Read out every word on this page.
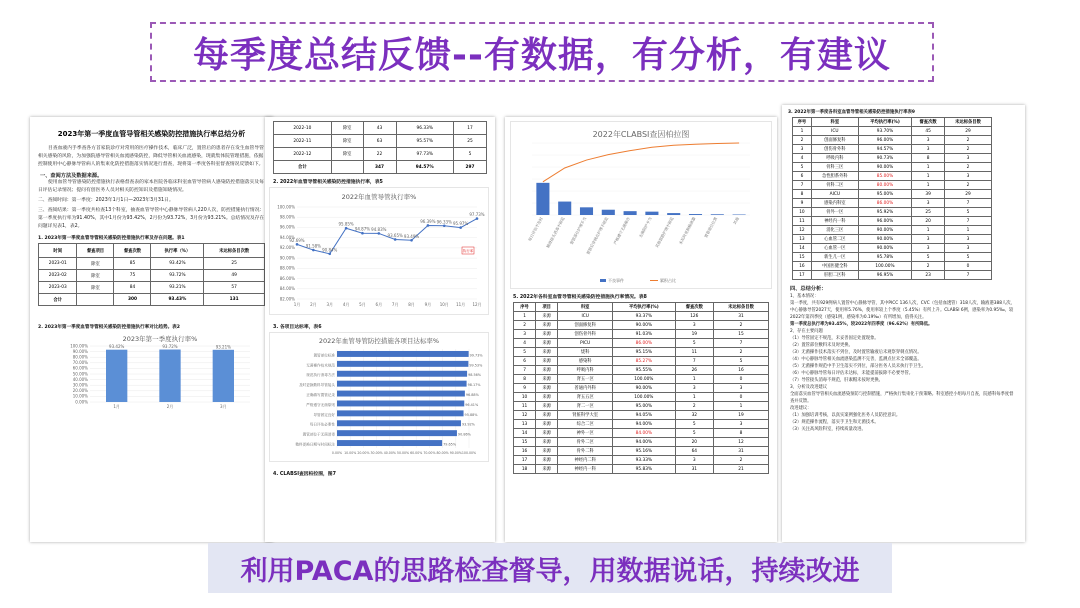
每季度总结反馈--有数据，有分析，有建议
2023年第一季度血管导管相关感染防控措施执行率总结分析
目查血液内手季查各方首家院诊疗对常用的医疗操作技术，临床广泛，置管后的患者存在发生血管导管相关感染的风险，为加强院感导管相关血流感染防控，降低导管相关血流感染，现就集体院管理措施，依据控制使用中心静脉导管病人的集束化防控措施落实情况进行督查，现将第一季度各科室督查情况反馈如下。
一、查阅方法及数据来源。
使用血管导管感染防控措施执行表格督查表的家本医院各临床科室血管导管病人感染防控措施落实及每日评估记录情况；提问有创医务人员对相关防控知识及措施知晓情况。
二、查阅时间：第一季度：2023年1月1日—2023年3月31日。
三、查阅结果：第一季度共检查13个科室，抽查血管导管中心静脉导管病人220人次，防控措施执行情况：第一季度执行率为91.40%，其中1月份为93.42%，2月份为93.72%，3月份为93.21%。总结情况及存在问题详见表1，表2。
1. 2023年第一季度血管导管相关感染防控措施执行率及存在问题。表1
时间	督查项目	督查次数	执行率（%）	未达标条目次数
2023-01	除室	85	93.42%	25
2023-02	除室	75	93.72%	49
2023-03	除室	84	93.21%	57
合计		300	93.43%	131
2. 2023年第一季度血管导管相关感染防控措施执行率对比趋势。表2
2023年第一季度执行率%
100.00%
90.00%
80.00%
70.00%
60.00%
50.00%
40.00%
30.00%
20.00%
10.00%
0.00%
93.42%
1月
93.72%
2月
93.21%
3月
2022-10	除室	43	96.33%	17
2022-11	除室	63	95.57%	25
2022-12	除室	22	97.73%	5
合计		347	94.57%	297
2. 2022年血管导管相关感染防控措施执行率，表5
2022年血管导管执行率%
100.00%
98.00%
96.00%
94.00%
92.00%
90.00%
88.00%
86.00%
84.00%
82.00%
92.69%
1月
91.58%
2月
90.84%
3月
95.85%
4月
94.87%
5月
94.83%
6月
93.65%
7月
93.49%
8月
96.39%
9月
96.33%
10月
95.97%
11月
97.73%
12月
执行率
3. 各项目达标率，表6
2022年血管导管防控措施各项目达标率%
0.00% 10.00% 20.00% 30.00% 40.00% 50.00% 60.00% 70.00% 80.00% 90.00% 100.00%
99.73%
置管部位标准
99.53%
无菌操作技术规范
98.56%
规范执行消毒方法
98.17%
及时更换敷料导管接头
96.88%
正确填写置管记录
96.41%
严格遵守无菌原则
95.88%
导管固定良好
93.92%
每日评估必要性
90.86%
置管部位于无菌消毒
79.65%
敷料更换日期与时间标注
4. CLABSI查因柏拉图，图7
2022年CLABSI查因柏拉图
每日评估不及时 输液接头消毒不规范 置管部位护理不当
置管后穿刺点护理不规范 严格遵守无菌操作 无菌防护不当 其他管路护理不规范 未及时更换输液器 置管部位位置	其他
不良事件	累积占比
5. 2022年各科室血管导管相关感染防控措施执行率情况。表8
序号	项目	科室	平均执行率(%)	督查次数	未达标条目数
1	来源	ICU	93.37%	126	31
2	来源	创面修复科	90.00%	3	2
3	来源	创伤骨外科	91.03%	19	15
4	来源	PICU	86.00%	5	7
5	来源	烧科	95.15%	11	2
6	来源	感染科	85.27%	7	5
7	来源	呼吸内科	95.55%	26	16
8	来源	肾五一区	100.00%	1	0
9	来源	普通内外科	90.00%	3	3
10	来源	肾五五区	100.00%	1	0
11	来源	肾二一区	95.00%	2	1
12	来源	肾脏科学大室	94.05%	32	19
13	来源	综合二区	94.00%	5	3
14	来源	神外一区	84.00%	5	8
15	来源	骨外二区	94.00%	20	12
16	来源	骨外二科	95.16%	64	31
17	来源	神经内二科	93.33%	3	2
18	来源	神经内一科	95.83%	31	21
3. 2022年第一季度各科室血管导管相关感染防控措施执行率表9
序号	科室	平均执行率(%)	督查次数	未达标条目数
1	ICU	93.70%	45	29
2	创面修复科	96.00%	3	2
3	创伤骨外科	94.57%	3	2
4	呼吸内科	90.73%	8	3
5	骨科三区	90.00%	1	2
6	急性胆系外科	85.00%	1	3
7	骨科二区	80.00%	1	2
8	AICU	95.00%	39	29
9	感染内科室	86.00%	3	7
10	骨外一区	95.92%	25	5
11	神经内一科	96.00%	20	7
12	消化三区	90.00%	1	1
13	心血管二区	90.00%	3	3
14	心血管一区	90.00%	3	3
15	新生儿一区	95.78%	5	5
16	中国医健全科	100.00%	2	0
17	肝胆二区科	96.95%	23	7
四、总结分析：
1、基本情况：
第一季度，共有929例病人置管中心静脉导管，其中PICC 136人次，CVC（包括血透管）318人次，输液港388人次，中心静脉导管2027天，使用率5.76%，使用率较上个季度（5.45%）有所上升。CLABSI 6例，感染率为0.95‰，较2022年第四季度（感染1例，感染率为0.19‰）有所增加，值得关注。
第一季度总执行率为93.45%，较2022年四季度（96.62%）有所降低。
2、存在主要问题
（1）导管固定不规范，未妥善固定处置现象。
（2）置管部位敷料未及时更换。
（3）无菌操作技术落实不到位，及时置管输液后未观察穿刺点情况。
（4）中心静脉导管相关血流感染监测不完善，监测点位未全部覆盖。
（5）无菌操作规范中手卫生落实不到位，部分医务人员未执行手卫生。
（6）中心静脉导管每日评估未达标，未能提前拔除不必要导管。
（7）导管接头消毒不规范，肝素帽未按时更换。
3、分析及改进建议
全面落实血管导管相关血流感染预防与控制措施，严格执行集束化干预策略。科室感控小组每月自查，院感科每季度督查并反馈。
改进建议：
（1）加强培训考核，以真实案例强化医务人员防控意识。
（2）规范操作流程，落实手卫生和无菌技术。
（3）关注高风险科室，持续质量改进。
利用PACA的思路检查督导，用数据说话，持续改进
